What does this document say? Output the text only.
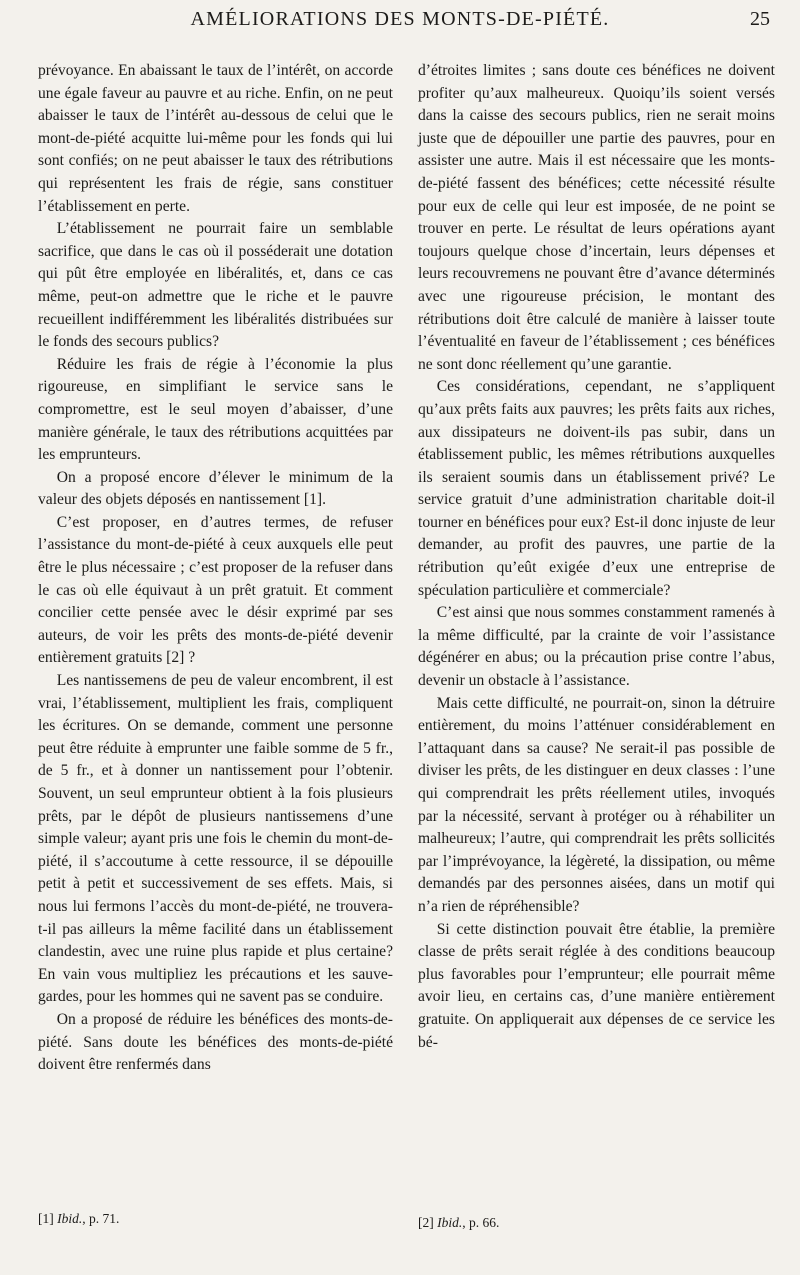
AMÉLIORATIONS DES MONTS-DE-PIÉTÉ.	25

prévoyance. En abaissant le taux de l’intérêt, on accorde une égale faveur au pauvre et au riche. Enfin, on ne peut abaisser le taux de l’intérêt au-dessous de celui que le mont-de-piété acquitte lui-même pour les fonds qui lui sont confiés; on ne peut abaisser le taux des rétributions qui représentent les frais de régie, sans constituer l’établissement en perte.

L’établissement ne pourrait faire un semblable sacrifice, que dans le cas où il posséderait une dotation qui pût être employée en libéralités, et, dans ce cas même, peut-on admettre que le riche et le pauvre recueillent indifféremment les libéralités distribuées sur le fonds des secours publics?

Réduire les frais de régie à l’économie la plus rigoureuse, en simplifiant le service sans le compromettre, est le seul moyen d’abaisser, d’une manière générale, le taux des rétributions acquittées par les emprunteurs.

On a proposé encore d’élever le minimum de la valeur des objets déposés en nantissement [1].

C’est proposer, en d’autres termes, de refuser l’assistance du mont-de-piété à ceux auxquels elle peut être le plus nécessaire ; c’est proposer de la refuser dans le cas où elle équivaut à un prêt gratuit. Et comment concilier cette pensée avec le désir exprimé par ses auteurs, de voir les prêts des monts-de-piété devenir entièrement gratuits [2] ?

Les nantissemens de peu de valeur encombrent, il est vrai, l’établissement, multiplient les frais, compliquent les écritures. On se demande, comment une personne peut être réduite à emprunter une faible somme de 5 fr., de 5 fr., et à donner un nantissement pour l’obtenir. Souvent, un seul emprunteur obtient à la fois plusieurs prêts, par le dépôt de plusieurs nantissemens d’une simple valeur; ayant pris une fois le chemin du mont-de-piété, il s’accoutume à cette ressource, il se dépouille petit à petit et successivement de ses effets. Mais, si nous lui fermons l’accès du mont-de-piété, ne trouvera-t-il pas ailleurs la même facilité dans un établissement clandestin, avec une ruine plus rapide et plus certaine? En vain vous multipliez les précautions et les sauve-gardes, pour les hommes qui ne savent pas se conduire.

On a proposé de réduire les bénéfices des monts-de-piété. Sans doute les bénéfices des monts-de-piété doivent être renfermés dans

d’étroites limites ; sans doute ces bénéfices ne doivent profiter qu’aux malheureux. Quoiqu’ils soient versés dans la caisse des secours publics, rien ne serait moins juste que de dépouiller une partie des pauvres, pour en assister une autre. Mais il est nécessaire que les monts-de-piété fassent des bénéfices; cette nécessité résulte pour eux de celle qui leur est imposée, de ne point se trouver en perte. Le résultat de leurs opérations ayant toujours quelque chose d’incertain, leurs dépenses et leurs recouvremens ne pouvant être d’avance déterminés avec une rigoureuse précision, le montant des rétributions doit être calculé de manière à laisser toute l’éventualité en faveur de l’établissement ; ces bénéfices ne sont donc réellement qu’une garantie.

Ces considérations, cependant, ne s’appliquent qu’aux prêts faits aux pauvres; les prêts faits aux riches, aux dissipateurs ne doivent-ils pas subir, dans un établissement public, les mêmes rétributions auxquelles ils seraient soumis dans un établissement privé? Le service gratuit d’une administration charitable doit-il tourner en bénéfices pour eux? Est-il donc injuste de leur demander, au profit des pauvres, une partie de la rétribution qu’eût exigée d’eux une entreprise de spéculation particulière et commerciale?

C’est ainsi que nous sommes constamment ramenés à la même difficulté, par la crainte de voir l’assistance dégénérer en abus; ou la précaution prise contre l’abus, devenir un obstacle à l’assistance.

Mais cette difficulté, ne pourrait-on, sinon la détruire entièrement, du moins l’atténuer considérablement en l’attaquant dans sa cause? Ne serait-il pas possible de diviser les prêts, de les distinguer en deux classes : l’une qui comprendrait les prêts réellement utiles, invoqués par la nécessité, servant à protéger ou à réhabiliter un malheureux; l’autre, qui comprendrait les prêts sollicités par l’imprévoyance, la légèreté, la dissipation, ou même demandés par des personnes aisées, dans un motif qui n’a rien de répréhensible?

Si cette distinction pouvait être établie, la première classe de prêts serait réglée à des conditions beaucoup plus favorables pour l’emprunteur; elle pourrait même avoir lieu, en certains cas, d’une manière entièrement gratuite. On appliquerait aux dépenses de ce service les bé-

[1] Ibid., p. 71.	[2] Ibid., p. 66.
